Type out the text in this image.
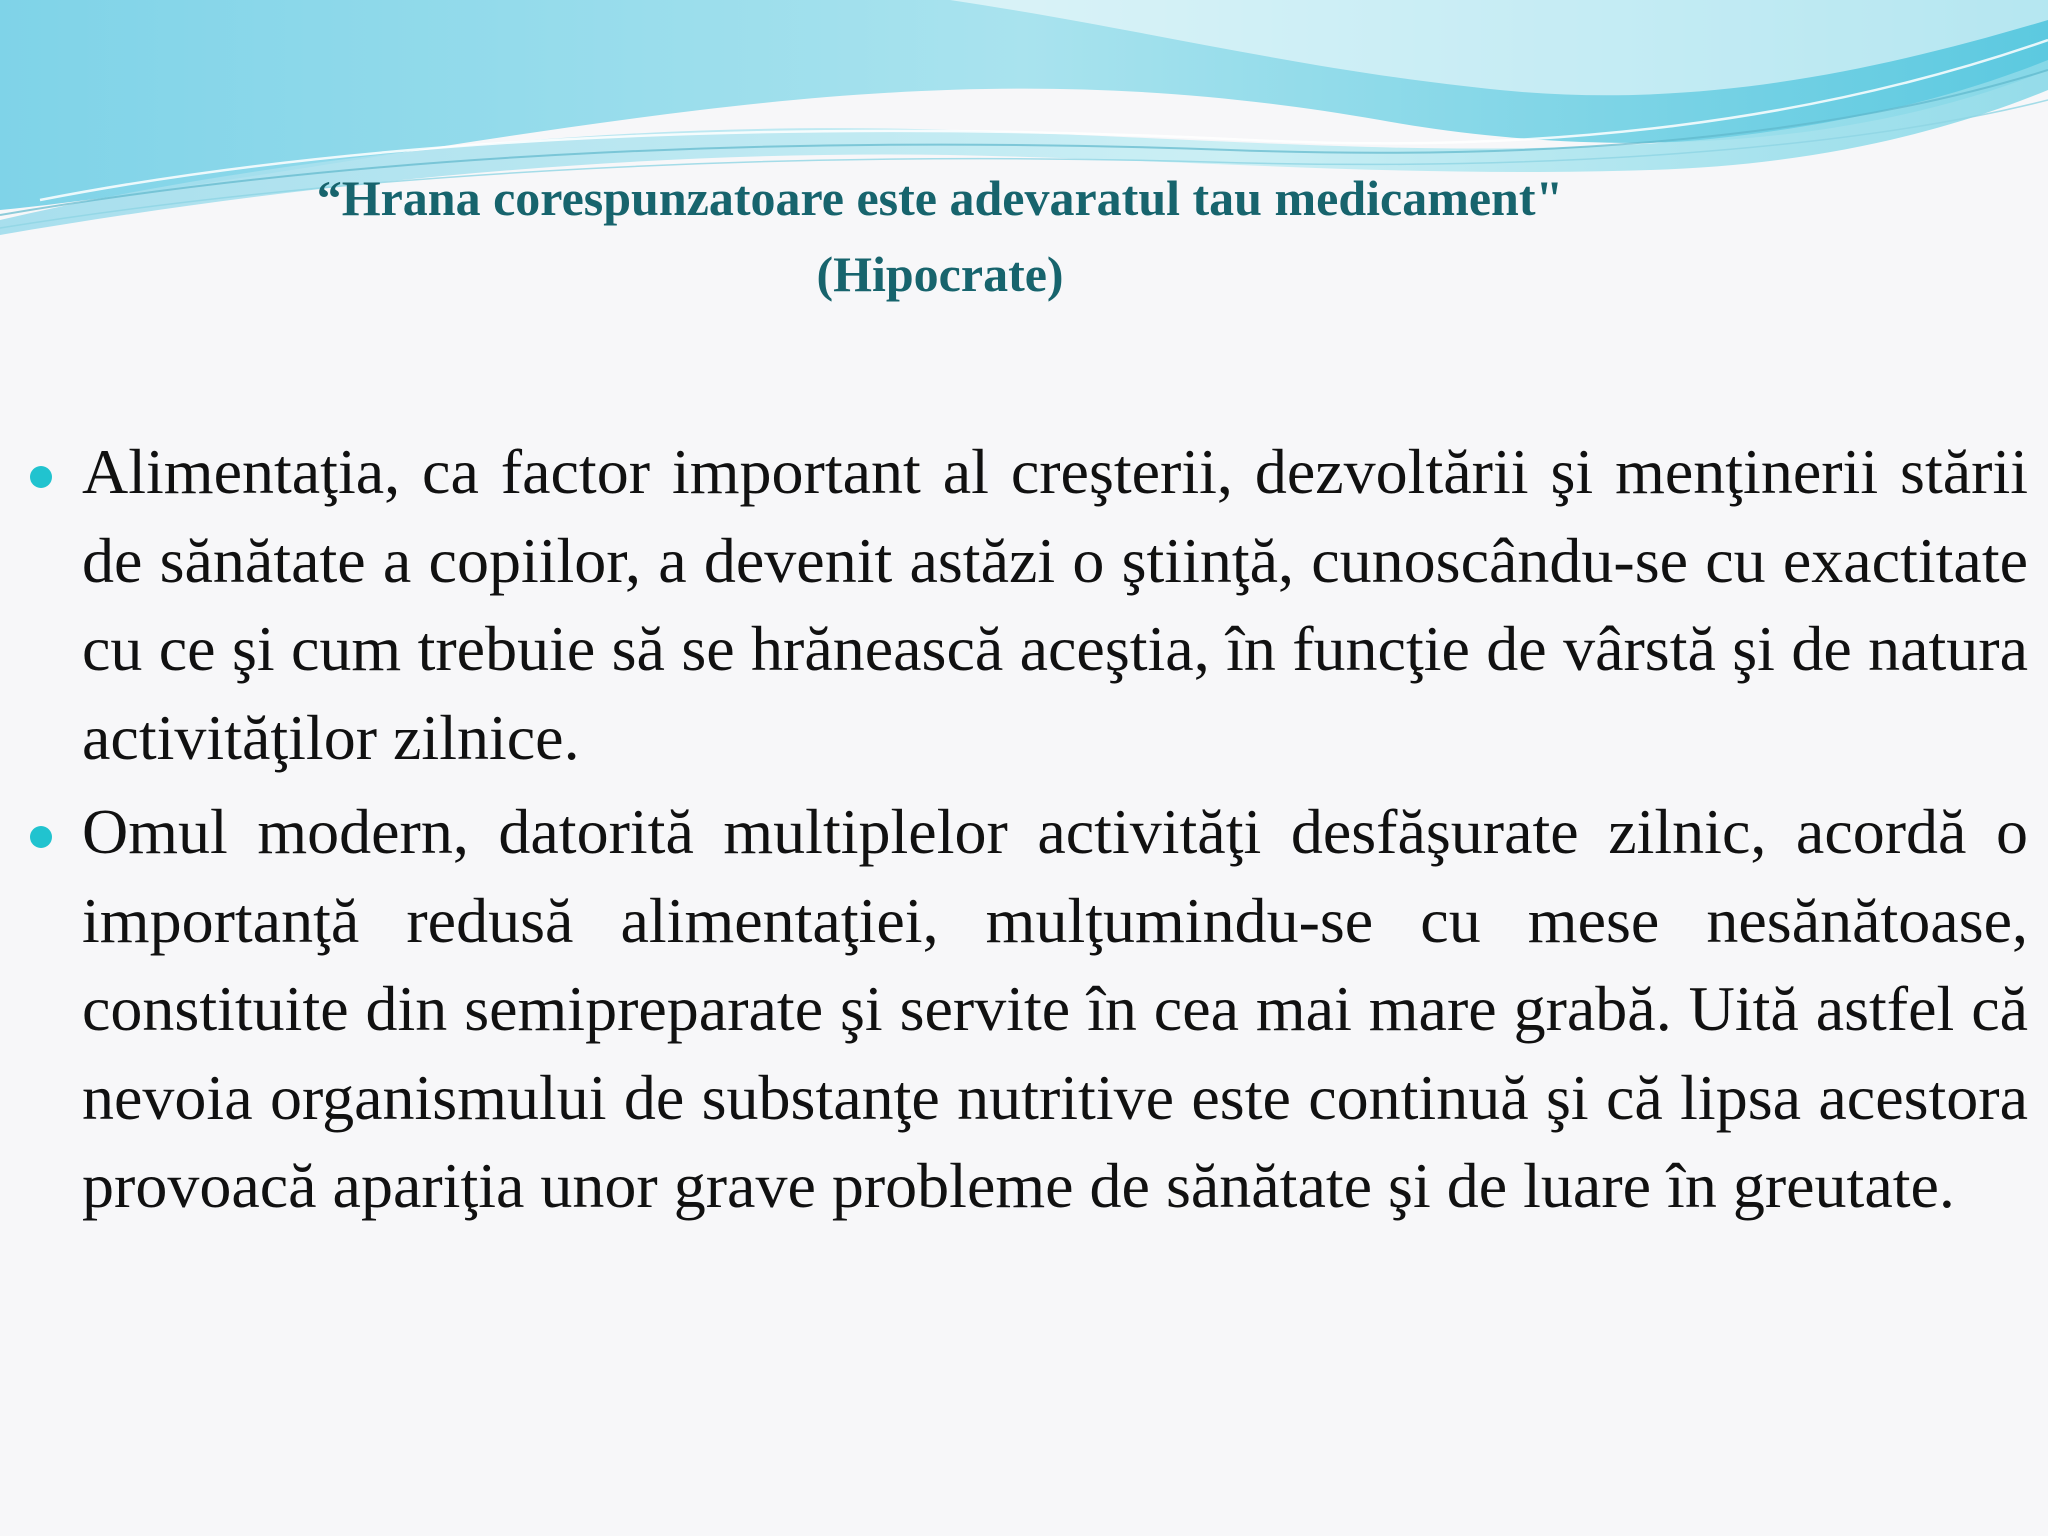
“Hrana corespunzatoare este adevaratul tau medicament"
(Hipocrate)

Alimentaţia, ca factor important al creşterii, dezvoltării şi menţinerii stării de sănătate a copiilor, a devenit astăzi o ştiinţă, cunoscându-se cu exactitate cu ce şi cum trebuie să se hrănească aceştia, în funcţie de vârstă şi de natura activităţilor zilnice.

Omul modern, datorită multiplelor activităţi desfăşurate zilnic, acordă o importanţă redusă alimentaţiei, mulţumindu-se cu mese nesănătoase, constituite din semipreparate şi servite în cea mai mare grabă. Uită astfel că nevoia organismului de substanţe nutritive este continuă şi că lipsa acestora provoacă apariţia unor grave probleme de sănătate şi de luare în greutate.
